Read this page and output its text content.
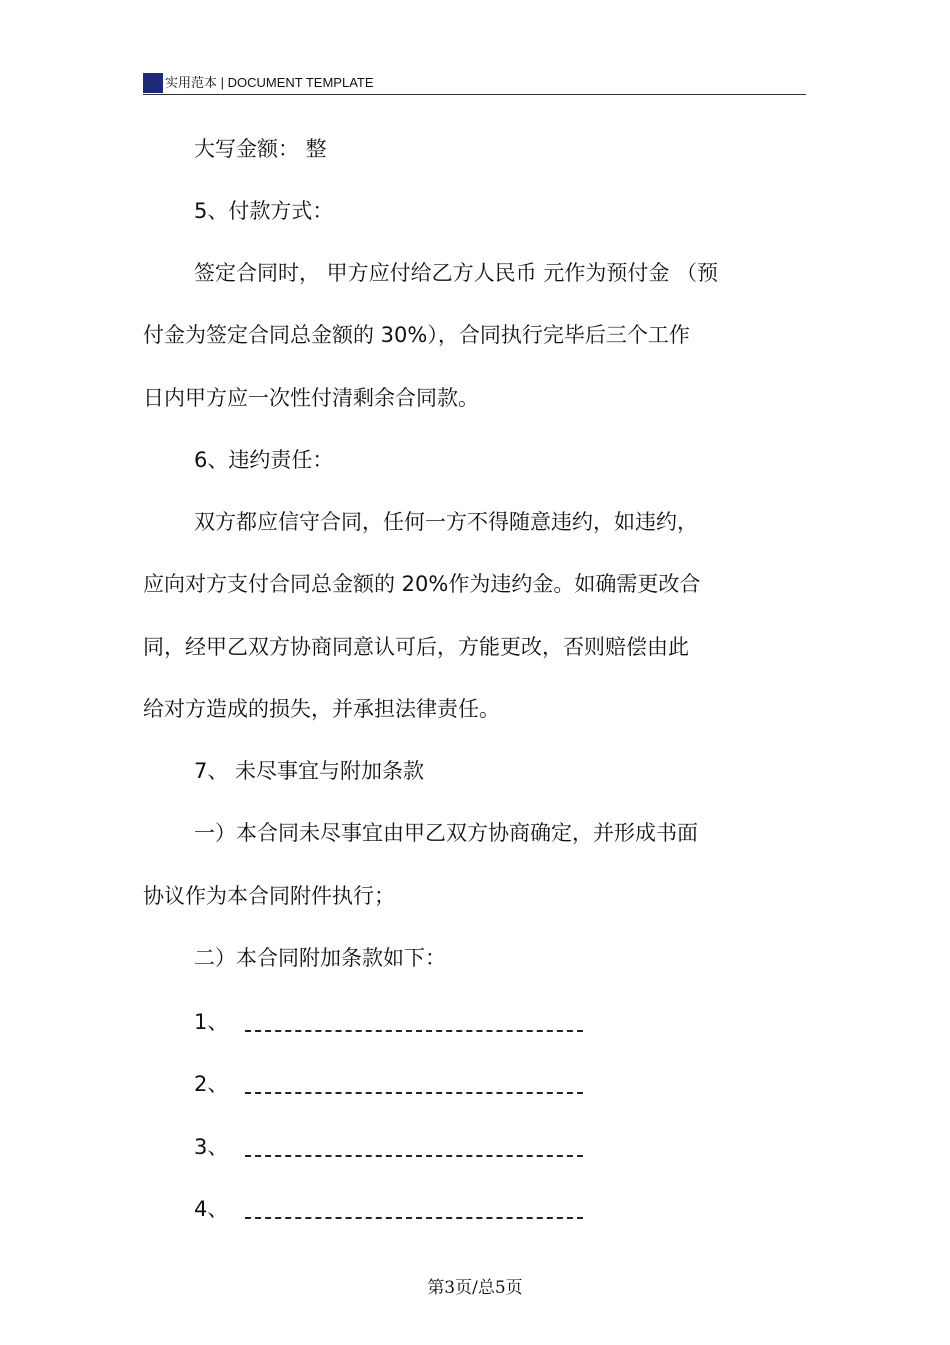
实用范本 | DOCUMENT TEMPLATE
大写金额： 整
5、付款方式：
签定合同时， 甲方应付给乙方人民币 元作为预付金 （预
付金为签定合同总金额的 30%），合同执行完毕后三个工作
日内甲方应一次性付清剩余合同款。
6、违约责任：
双方都应信守合同，任何一方不得随意违约，如违约，
应向对方支付合同总金额的 20%作为违约金。如确需更改合
同，经甲乙双方协商同意认可后，方能更改，否则赔偿由此
给对方造成的损失，并承担法律责任。
7、 未尽事宜与附加条款
一）本合同未尽事宜由甲乙双方协商确定，并形成书面
协议作为本合同附件执行；
二）本合同附加条款如下：
1、
2、
3、
4、
第3页/总5页
